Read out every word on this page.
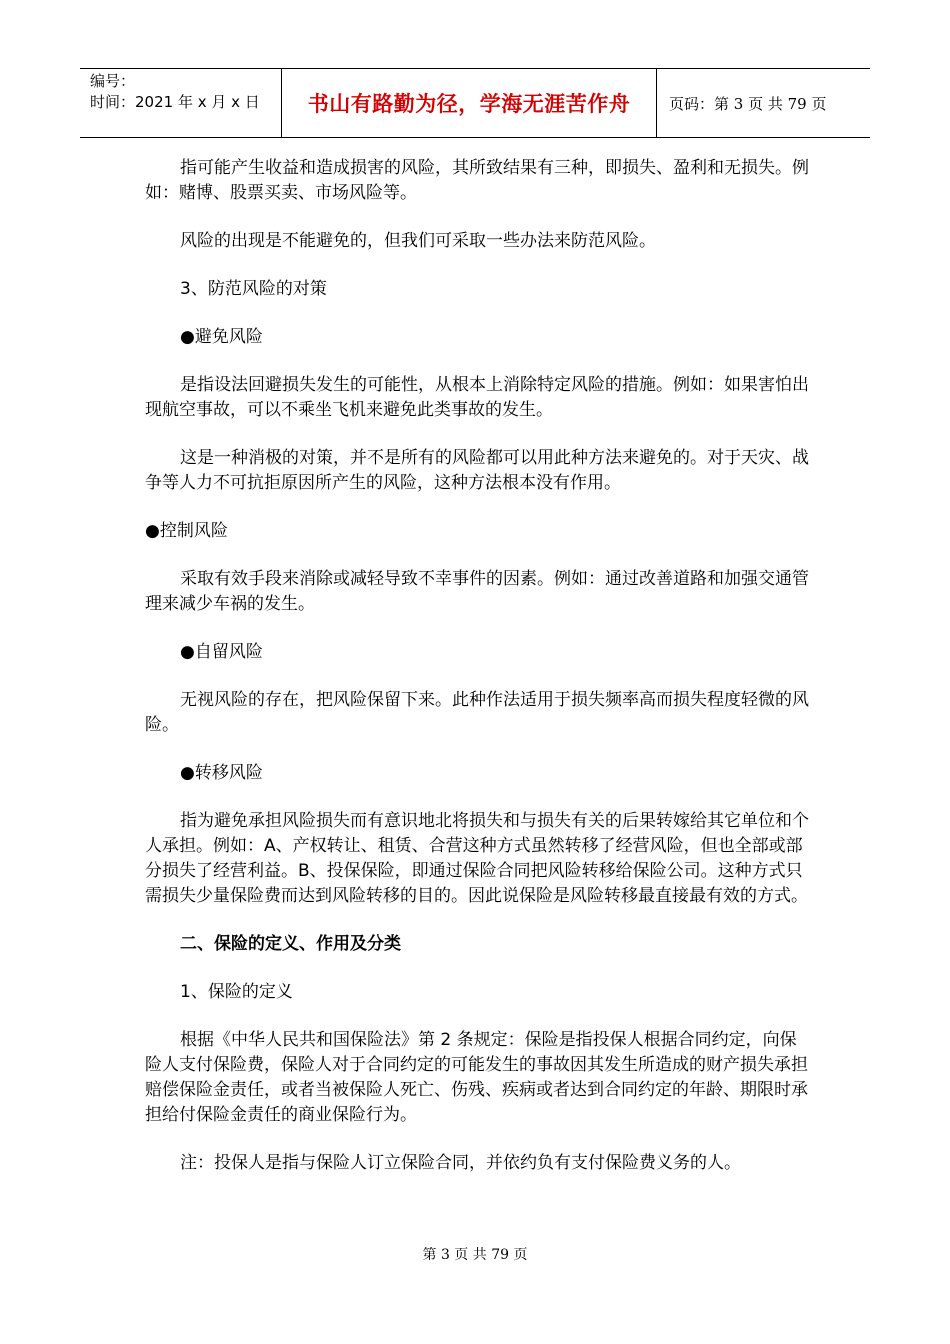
编号：
时间：2021 年 x 月 x 日	书山有路勤为径，学海无涯苦作舟	页码：第 3 页 共 79 页

指可能产生收益和造成损害的风险，其所致结果有三种，即损失、盈利和无损失。例如：赌博、股票买卖、市场风险等。

风险的出现是不能避免的，但我们可采取一些办法来防范风险。

3、防范风险的对策

●避免风险

是指设法回避损失发生的可能性，从根本上消除特定风险的措施。例如：如果害怕出现航空事故，可以不乘坐飞机来避免此类事故的发生。

这是一种消极的对策，并不是所有的风险都可以用此种方法来避免的。对于天灾、战争等人力不可抗拒原因所产生的风险，这种方法根本没有作用。

●控制风险

采取有效手段来消除或减轻导致不幸事件的因素。例如：通过改善道路和加强交通管理来减少车祸的发生。

●自留风险

无视风险的存在，把风险保留下来。此种作法适用于损失频率高而损失程度轻微的风险。

●转移风险

指为避免承担风险损失而有意识地北将损失和与损失有关的后果转嫁给其它单位和个人承担。例如：A、产权转让、租赁、合营这种方式虽然转移了经营风险，但也全部或部分损失了经营利益。B、投保保险，即通过保险合同把风险转移给保险公司。这种方式只需损失少量保险费而达到风险转移的目的。因此说保险是风险转移最直接最有效的方式。

二、保险的定义、作用及分类

1、保险的定义

根据《中华人民共和国保险法》第 2 条规定：保险是指投保人根据合同约定，向保险人支付保险费，保险人对于合同约定的可能发生的事故因其发生所造成的财产损失承担赔偿保险金责任，或者当被保险人死亡、伤残、疾病或者达到合同约定的年龄、期限时承担给付保险金责任的商业保险行为。

注：投保人是指与保险人订立保险合同，并依约负有支付保险费义务的人。

第 3 页 共 79 页
